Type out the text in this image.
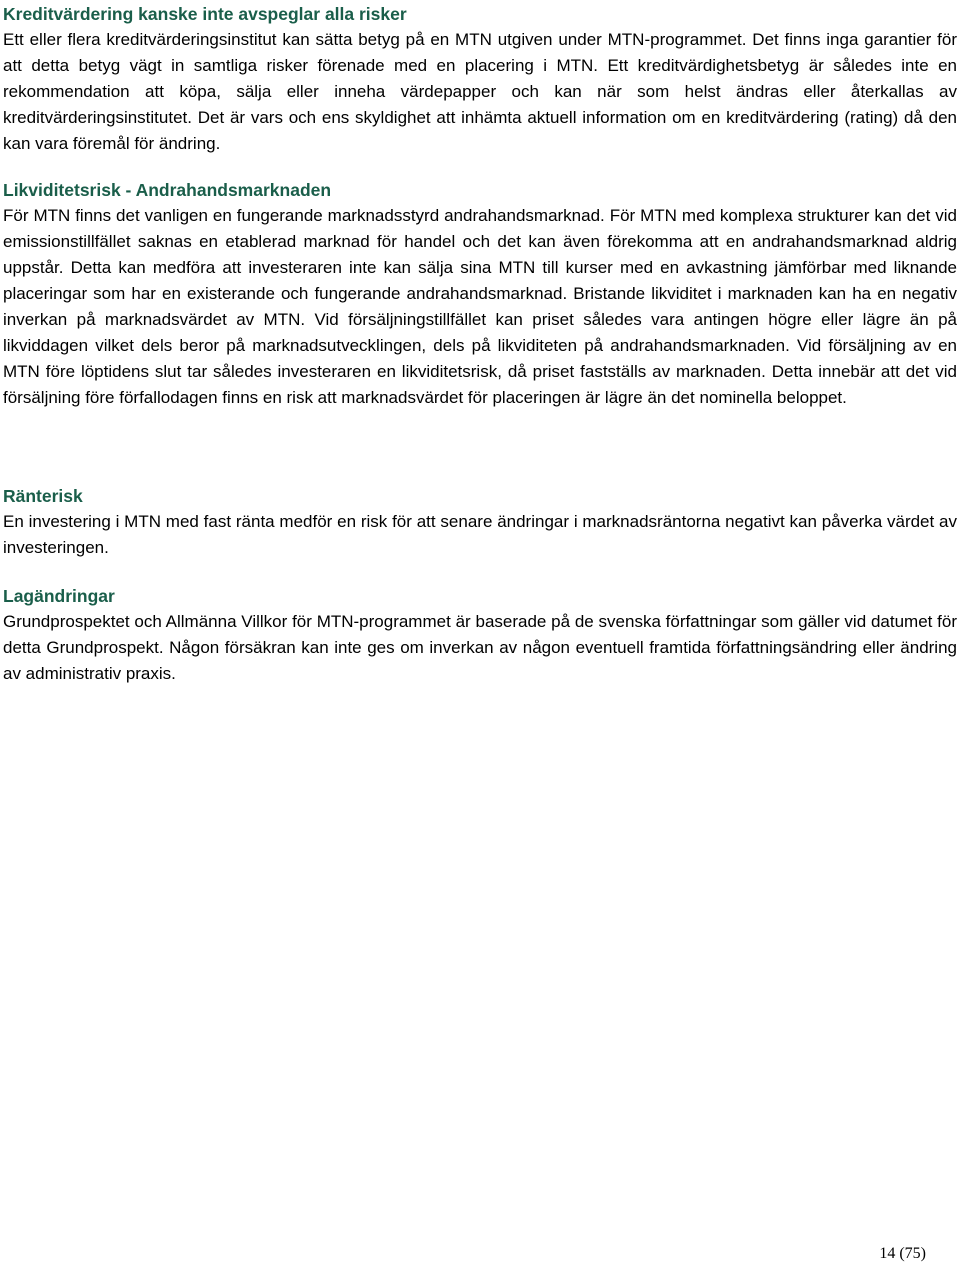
Kreditvärdering kanske inte avspeglar alla risker

Ett eller flera kreditvärderingsinstitut kan sätta betyg på en MTN utgiven under MTN-programmet. Det finns inga garantier för att detta betyg vägt in samtliga risker förenade med en placering i MTN. Ett kreditvärdighetsbetyg är således inte en rekommendation att köpa, sälja eller inneha värdepapper och kan när som helst ändras eller återkallas av kreditvärderingsinstitutet. Det är vars och ens skyldighet att inhämta aktuell information om en kreditvärdering (rating) då den kan vara föremål för ändring.

Likviditetsrisk - Andrahandsmarknaden

För MTN finns det vanligen en fungerande marknadsstyrd andrahandsmarknad. För MTN med komplexa strukturer kan det vid emissionstillfället saknas en etablerad marknad för handel och det kan även förekomma att en andrahandsmarknad aldrig uppstår. Detta kan medföra att investeraren inte kan sälja sina MTN till kurser med en avkastning jämförbar med liknande placeringar som har en existerande och fungerande andrahandsmarknad. Bristande likviditet i marknaden kan ha en negativ inverkan på marknadsvärdet av MTN. Vid försäljningstillfället kan priset således vara antingen högre eller lägre än på likviddagen vilket dels beror på marknadsutvecklingen, dels på likviditeten på andrahandsmarknaden. Vid försäljning av en MTN före löptidens slut tar således investeraren en likviditetsrisk, då priset fastställs av marknaden. Detta innebär att det vid försäljning före förfallodagen finns en risk att marknadsvärdet för placeringen är lägre än det nominella beloppet.

Ränterisk

En investering i MTN med fast ränta medför en risk för att senare ändringar i marknadsräntorna negativt kan påverka värdet av investeringen.

Lagändringar

Grundprospektet och Allmänna Villkor för MTN-programmet är baserade på de svenska författningar som gäller vid datumet för detta Grundprospekt. Någon försäkran kan inte ges om inverkan av någon eventuell framtida författningsändring eller ändring av administrativ praxis.

14 (75)
